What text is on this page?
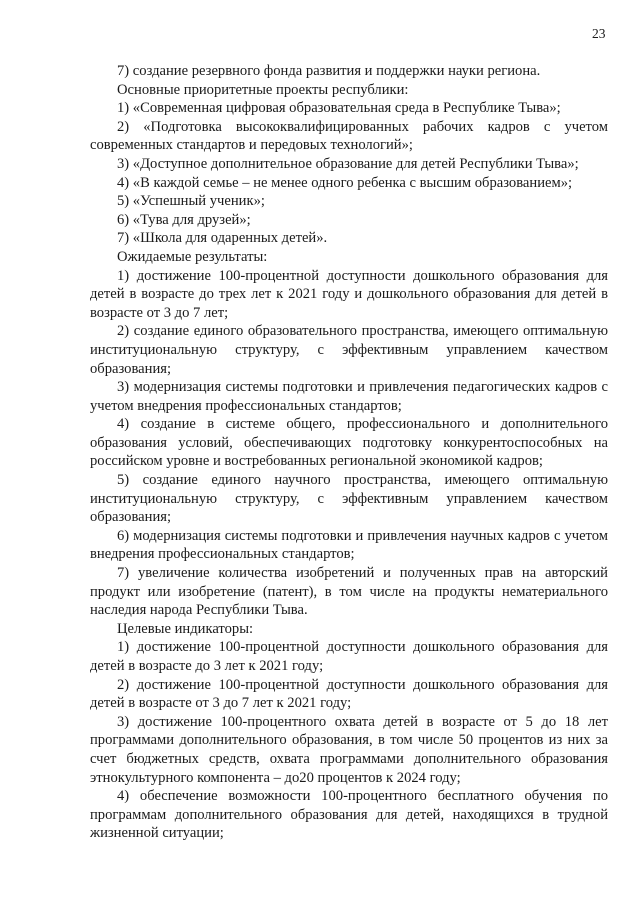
23

7) создание резервного фонда развития и поддержки науки региона.

Основные приоритетные проекты республики:

1) «Современная цифровая образовательная среда в Республике Тыва»;

2) «Подготовка высококвалифицированных рабочих кадров с учетом современных стандартов и передовых технологий»;

3) «Доступное дополнительное образование для детей Республики Тыва»;

4) «В каждой семье – не менее одного ребенка с высшим образованием»;

5) «Успешный ученик»;

6) «Тува для друзей»;

7) «Школа для одаренных детей».

Ожидаемые результаты:

1) достижение 100-процентной доступности дошкольного образования для детей в возрасте до трех лет к 2021 году и дошкольного образования для детей в возрасте от 3 до 7 лет;

2) создание единого образовательного пространства, имеющего оптимальную институциональную структуру, с эффективным управлением качеством образования;

3) модернизация системы подготовки и привлечения педагогических кадров с учетом внедрения профессиональных стандартов;

4) создание в системе общего, профессионального и дополнительного образования условий, обеспечивающих подготовку конкурентоспособных на российском уровне и востребованных региональной экономикой кадров;

5) создание единого научного пространства, имеющего оптимальную институциональную структуру, с эффективным управлением качеством образования;

6) модернизация системы подготовки и привлечения научных кадров с учетом внедрения профессиональных стандартов;

7) увеличение количества изобретений и полученных прав на авторский продукт или изобретение (патент), в том числе на продукты нематериального наследия народа Республики Тыва.

Целевые индикаторы:

1) достижение 100-процентной доступности дошкольного образования для детей в возрасте до 3 лет к 2021 году;

2) достижение 100-процентной доступности дошкольного образования для детей в возрасте от 3 до 7 лет к 2021 году;

3) достижение 100-процентного охвата детей в возрасте от 5 до 18 лет программами дополнительного образования, в том числе 50 процентов из них за счет бюджетных средств, охвата программами дополнительного образования этнокультурного компонента – до20 процентов к 2024 году;

4) обеспечение возможности 100-процентного бесплатного обучения по программам дополнительного образования для детей, находящихся в трудной жизненной ситуации;
